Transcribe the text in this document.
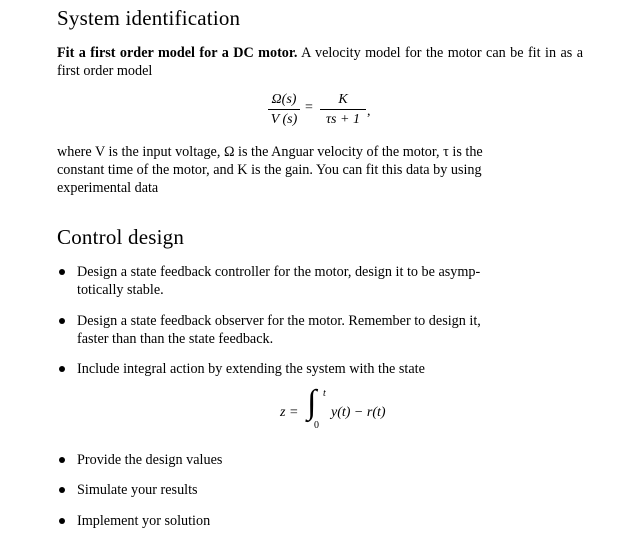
System identification
Fit a first order model for a DC motor. A velocity model for the motor can be fit in as a first order model
Ω(s)
V (s)
=
K
τs + 1
,
where V is the input voltage, Ω is the Anguar velocity of the motor, τ is the
constant time of the motor, and K is the gain. You can fit this data by using
experimental data
Control design
Design a state feedback controller for the motor, design it to be asymp-
totically stable.
Design a state feedback observer for the motor. Remember to design it,
faster than than the state feedback.
Include integral action by extending the system with the state
z = ∫ t
0
y(t) − r(t)
Provide the design values
Simulate your results
Implement yor solution
